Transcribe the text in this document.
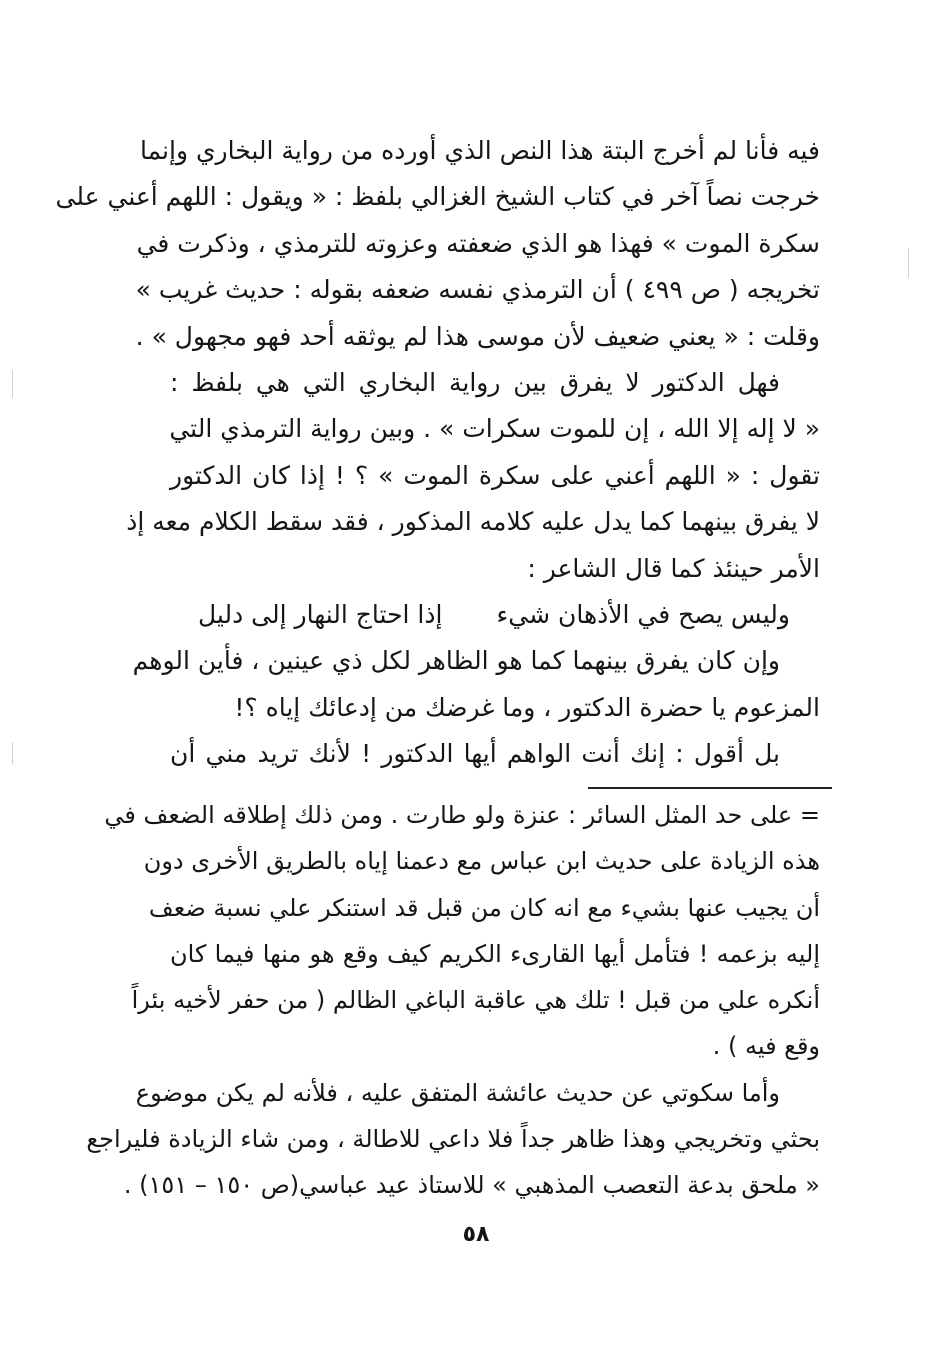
فيه فأنا لم أخرج البتة هذا النص الذي أورده من رواية البخاري وإنما
خرجت نصاً آخر في كتاب الشيخ الغزالي بلفظ : « ويقول : اللهم أعني على
سكرة الموت » فهذا هو الذي ضعفته وعزوته للترمذي ، وذكرت في
تخريجه ( ص ٤٩٩ ) أن الترمذي نفسه ضعفه بقوله : حديث غريب »
وقلت : « يعني ضعيف لأن موسى هذا لم يوثقه أحد فهو مجهول » .
فهل الدكتور لا يفرق بين رواية البخاري التي هي بلفظ :
« لا إله إلا الله ، إن للموت سكرات » . وبين رواية الترمذي التي
تقول : « اللهم أعني على سكرة الموت » ؟ ! إذا كان الدكتور
لا يفرق بينهما كما يدل عليه كلامه المذكور ، فقد سقط الكلام معه إذ
الأمر حينئذ كما قال الشاعر :
وليس يصح في الأذهان شيء
إذا احتاج النهار إلى دليل
وإن كان يفرق بينهما كما هو الظاهر لكل ذي عينين ، فأين الوهم
المزعوم يا حضرة الدكتور ، وما غرضك من إدعائك إياه ؟!
بل أقول : إنك أنت الواهم أيها الدكتور ! لأنك تريد مني أن
= على حد المثل السائر : عنزة ولو طارت . ومن ذلك إطلاقه الضعف في
هذه الزيادة على حديث ابن عباس مع دعمنا إياه بالطريق الأخرى دون
أن يجيب عنها بشيء مع انه كان من قبل قد استنكر علي نسبة ضعف
إليه بزعمه ! فتأمل أيها القارىء الكريم كيف وقع هو منها فيما كان
أنكره علي من قبل ! تلك هي عاقبة الباغي الظالم ( من حفر لأخيه بئراً
وقع فيه ) .
وأما سكوتي عن حديث عائشة المتفق عليه ، فلأنه لم يكن موضوع
بحثي وتخريجي وهذا ظاهر جداً فلا داعي للاطالة ، ومن شاء الزيادة فليراجع
« ملحق بدعة التعصب المذهبي » للاستاذ عيد عباسي(ص ١٥٠ – ١٥١) .
٥٨
